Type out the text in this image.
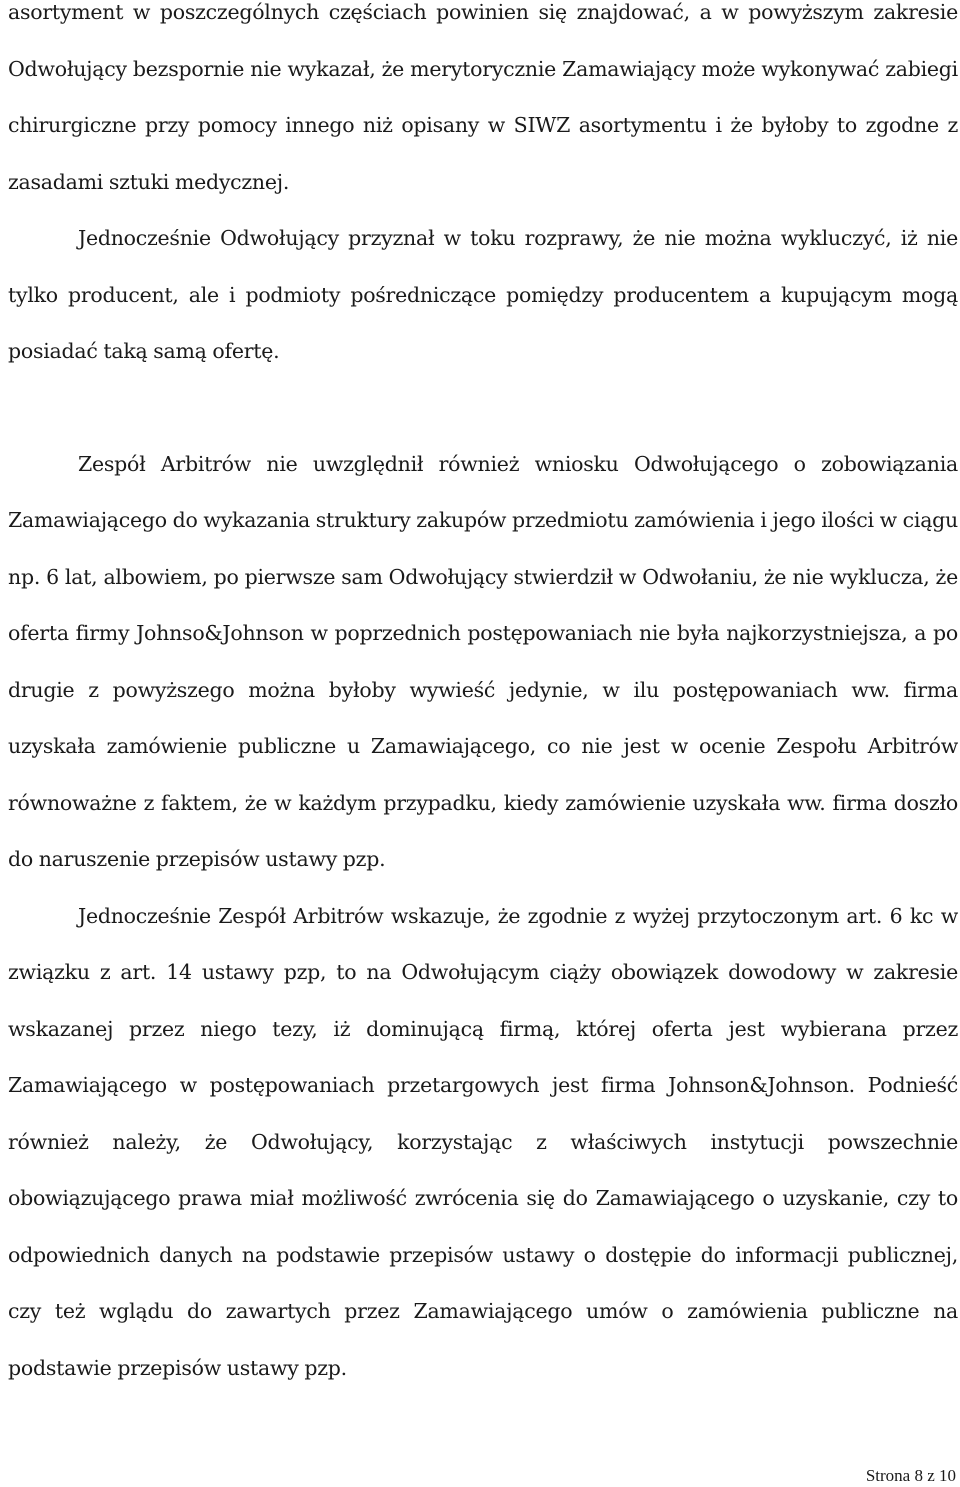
asortyment w poszczególnych częściach powinien się znajdować, a w powyższym zakresie Odwołujący bezspornie nie wykazał, że merytorycznie Zamawiający może wykonywać zabiegi chirurgiczne przy pomocy innego niż opisany w SIWZ asortymentu i że byłoby to zgodne z zasadami sztuki medycznej.

Jednocześnie Odwołujący przyznał w toku rozprawy, że nie można wykluczyć, iż nie tylko producent, ale i podmioty pośredniczące pomiędzy producentem a kupującym mogą posiadać taką samą ofertę.

Zespół Arbitrów nie uwzględnił również wniosku Odwołującego o zobowiązania Zamawiającego do wykazania struktury zakupów przedmiotu zamówienia i jego ilości w ciągu np. 6 lat, albowiem, po pierwsze sam Odwołujący stwierdził w Odwołaniu, że nie wyklucza, że oferta firmy Johnso&Johnson w poprzednich postępowaniach nie była najkorzystniejsza, a po drugie z powyższego można byłoby wywieść jedynie, w ilu postępowaniach ww. firma uzyskała zamówienie publiczne u Zamawiającego, co nie jest w ocenie Zespołu Arbitrów równoważne z faktem, że w każdym przypadku, kiedy zamówienie uzyskała ww. firma doszło do naruszenie przepisów ustawy pzp.

Jednocześnie Zespół Arbitrów wskazuje, że zgodnie z wyżej przytoczonym art. 6 kc w związku z art. 14 ustawy pzp, to na Odwołującym ciąży obowiązek dowodowy w zakresie wskazanej przez niego tezy, iż dominującą firmą, której oferta jest wybierana przez Zamawiającego w postępowaniach przetargowych jest firma Johnson&Johnson. Podnieść również należy, że Odwołujący, korzystając z właściwych instytucji powszechnie obowiązującego prawa miał możliwość zwrócenia się do Zamawiającego o uzyskanie, czy to odpowiednich danych na podstawie przepisów ustawy o dostępie do informacji publicznej, czy też wglądu do zawartych przez Zamawiającego umów o zamówienia publiczne na podstawie przepisów ustawy pzp.

Strona 8 z 10
